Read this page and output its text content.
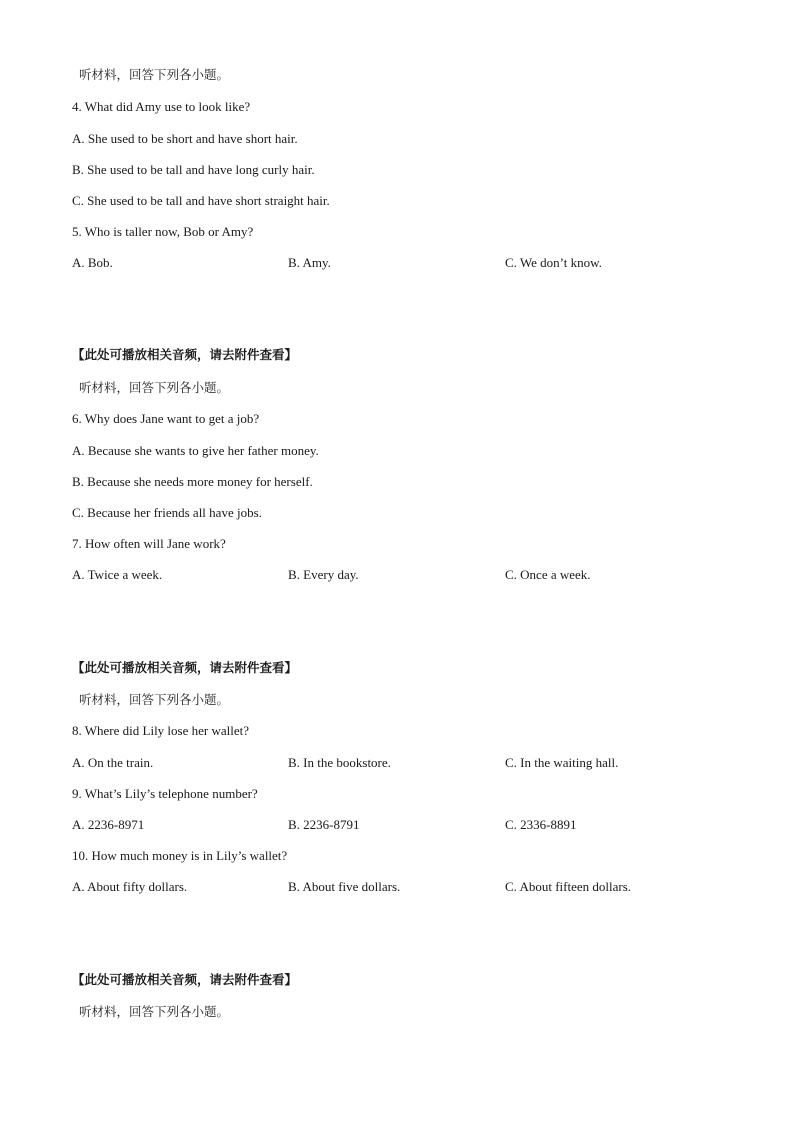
听材料，回答下列各小题。
4. What did Amy use to look like?
A. She used to be short and have short hair.
B. She used to be tall and have long curly hair.
C. She used to be tall and have short straight hair.
5. Who is taller now, Bob or Amy?
A. Bob.	B. Amy.	C. We don’t know.
【此处可播放相关音频，请去附件查看】
听材料，回答下列各小题。
6. Why does Jane want to get a job?
A. Because she wants to give her father money.
B. Because she needs more money for herself.
C. Because her friends all have jobs.
7. How often will Jane work?
A. Twice a week.	B. Every day.	C. Once a week.
【此处可播放相关音频，请去附件查看】
听材料，回答下列各小题。
8. Where did Lily lose her wallet?
A. On the train.	B. In the bookstore.	C. In the waiting hall.
9. What’s Lily’s telephone number?
A. 2236-8971	B. 2236-8791	C. 2336-8891
10. How much money is in Lily’s wallet?
A. About fifty dollars.	B. About five dollars.	C. About fifteen dollars.
【此处可播放相关音频，请去附件查看】
听材料，回答下列各小题。
